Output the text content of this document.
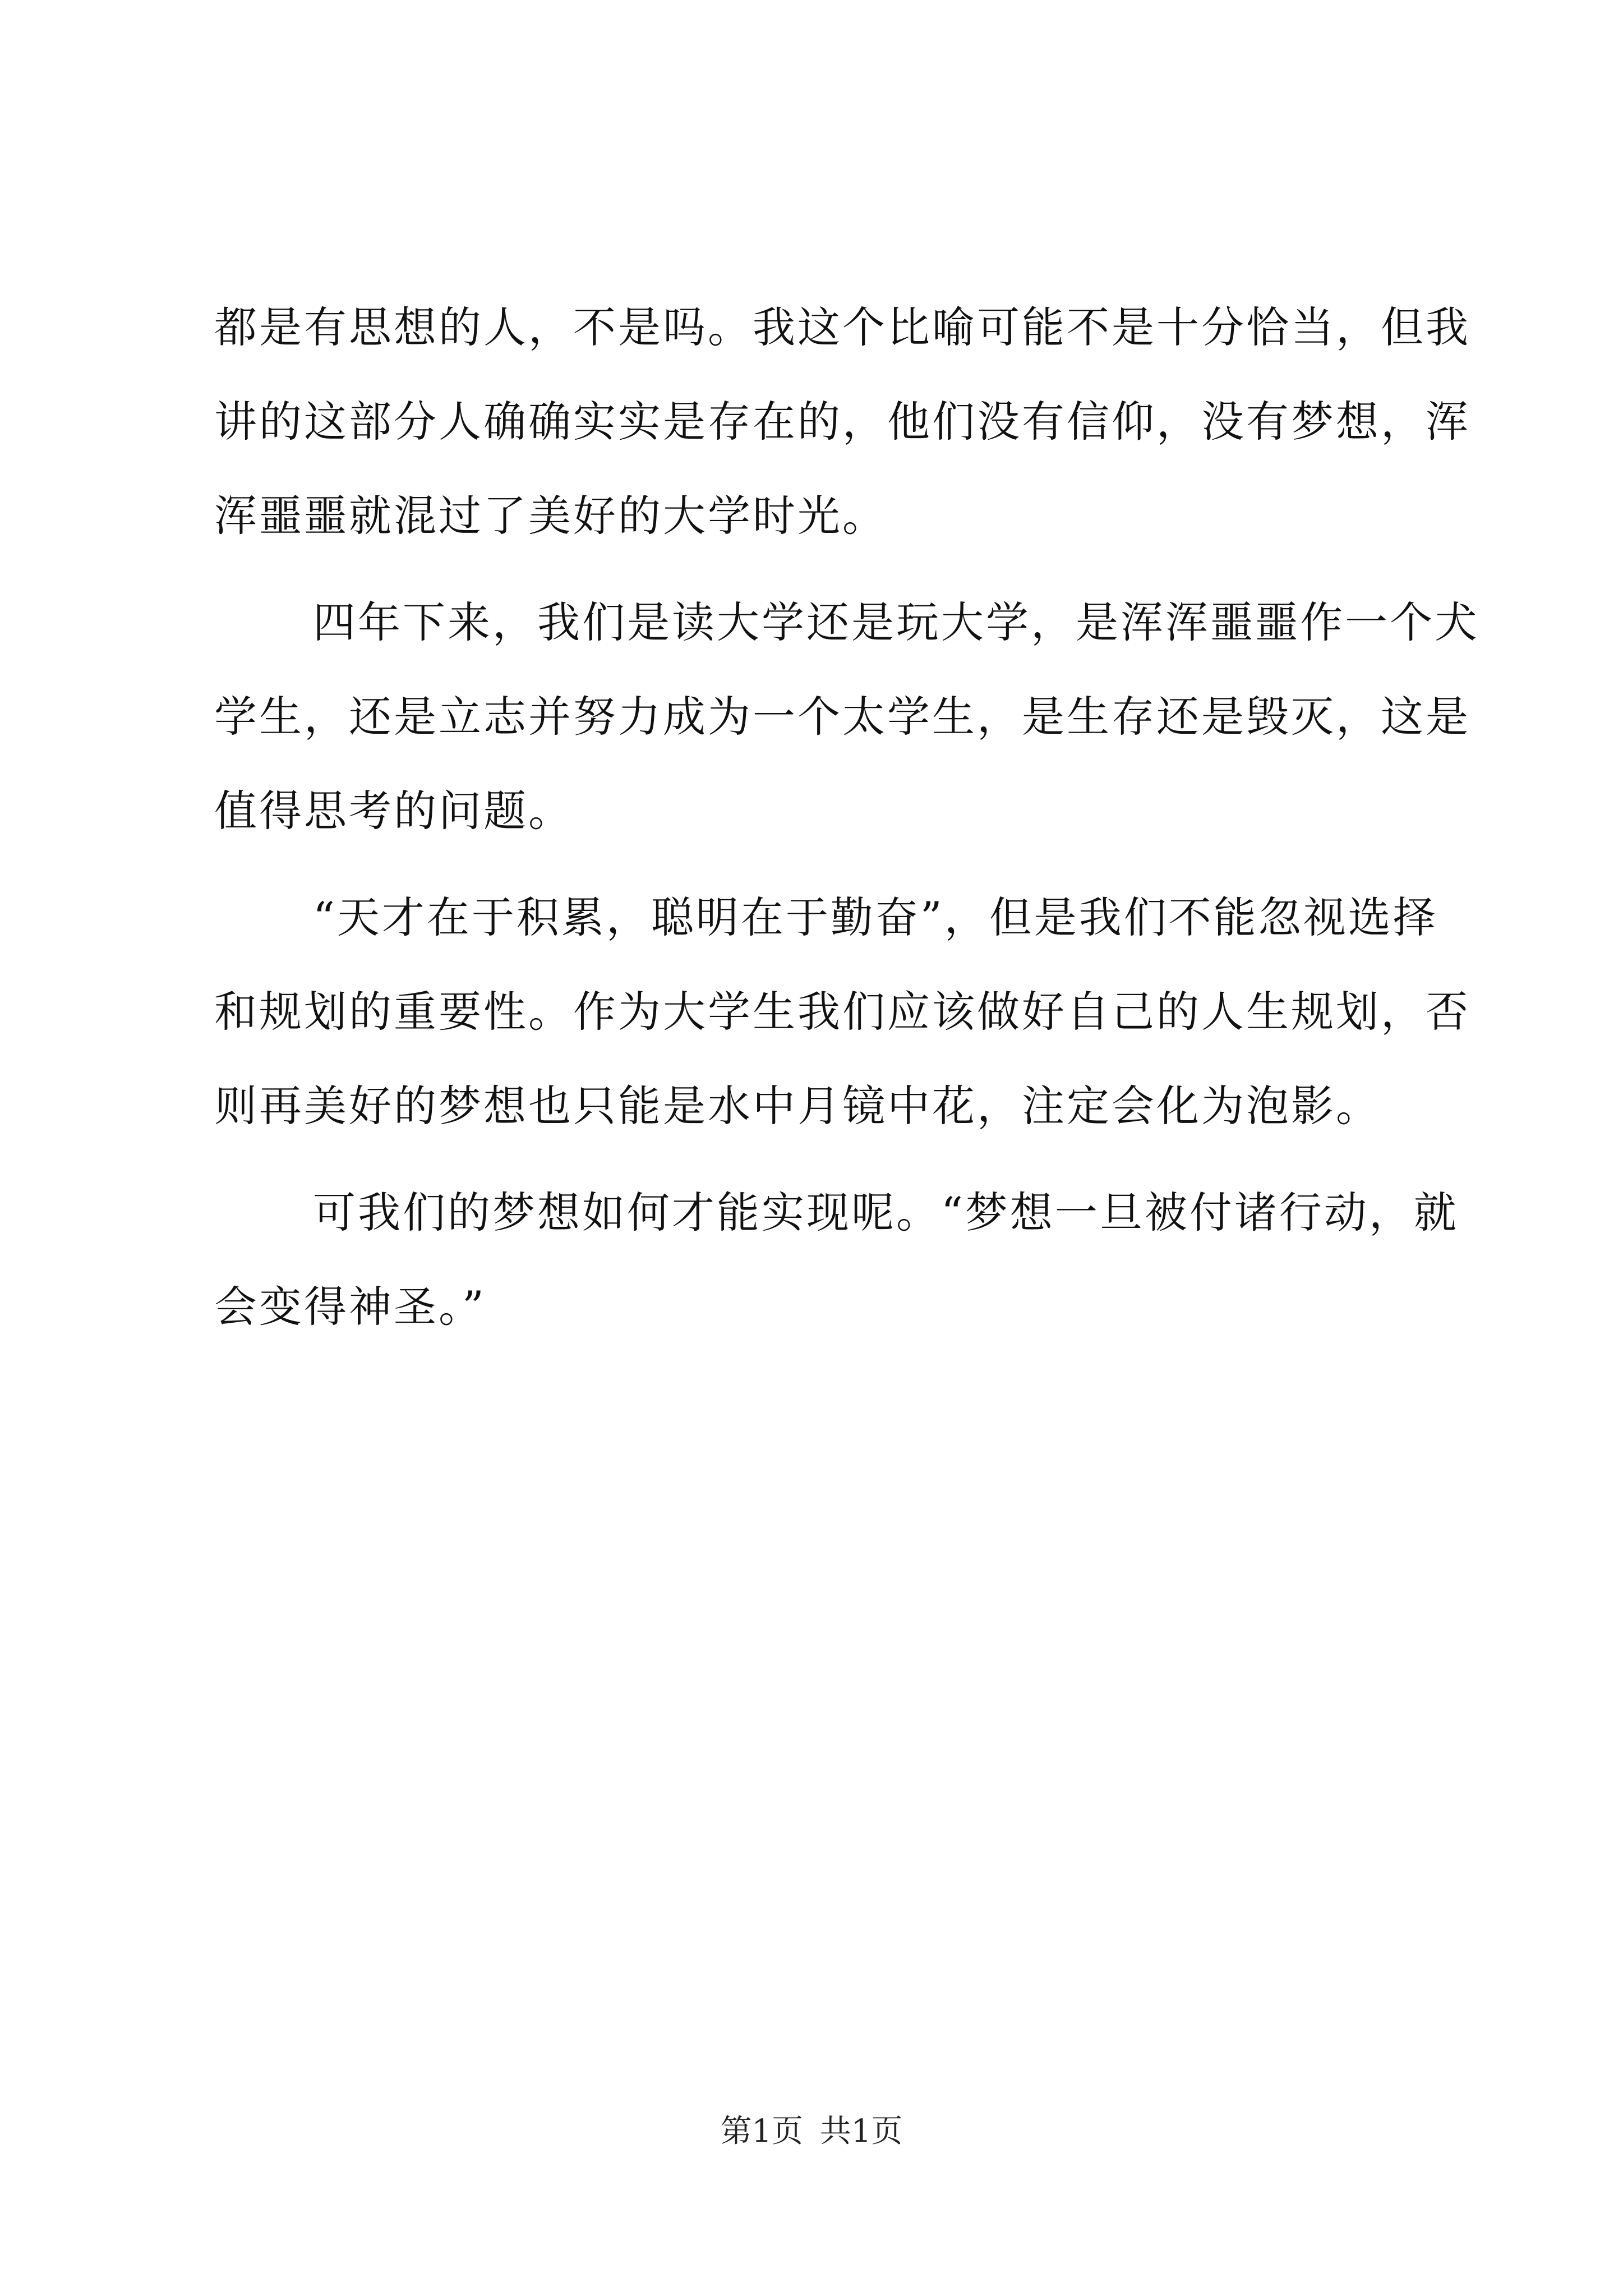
都是有思想的人，不是吗。我这个比喻可能不是十分恰当，但我
讲的这部分人确确实实是存在的，他们没有信仰，没有梦想，浑
浑噩噩就混过了美好的大学时光。
四年下来，我们是读大学还是玩大学，是浑浑噩噩作一个犬
学生，还是立志并努力成为一个太学生，是生存还是毁灭，这是
值得思考的问题。
“天才在于积累，聪明在于勤奋”，但是我们不能忽视选择
和规划的重要性。作为大学生我们应该做好自己的人生规划，否
则再美好的梦想也只能是水中月镜中花，注定会化为泡影。
可我们的梦想如何才能实现呢。“梦想一旦被付诸行动，就
会变得神圣。”
第1页 共1页
